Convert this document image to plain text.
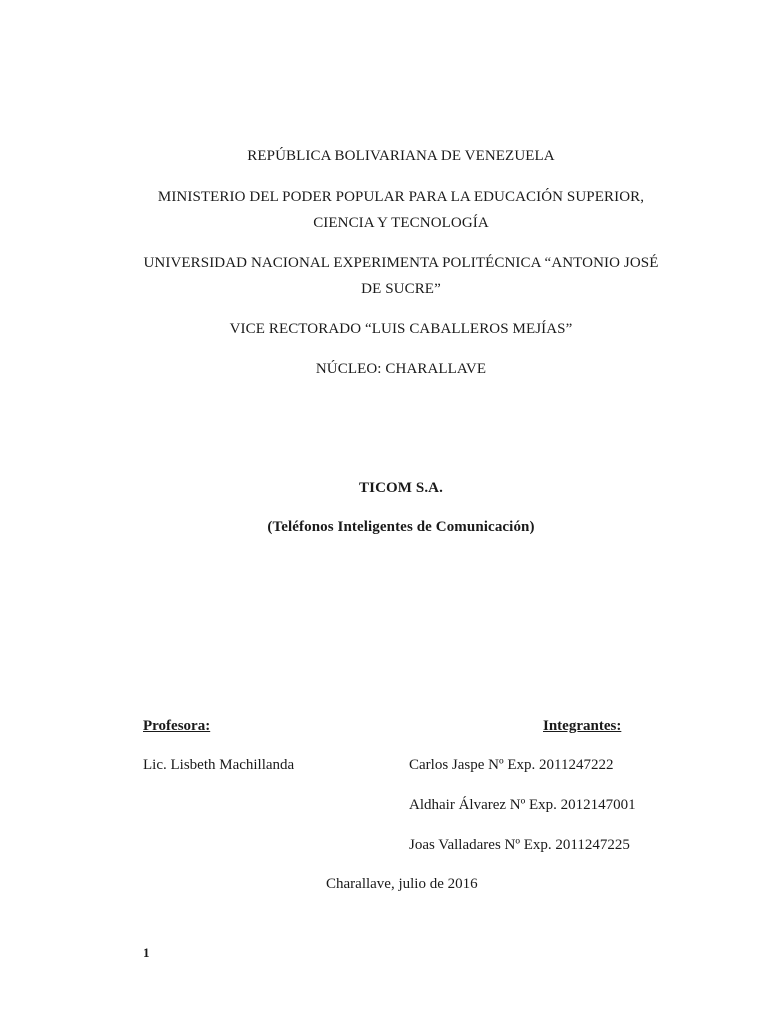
REPÚBLICA BOLIVARIANA DE VENEZUELA
MINISTERIO DEL PODER POPULAR PARA LA EDUCACIÓN SUPERIOR,
CIENCIA Y TECNOLOGÍA
UNIVERSIDAD NACIONAL EXPERIMENTA POLITÉCNICA “ANTONIO JOSÉ
DE SUCRE”
VICE RECTORADO “LUIS CABALLEROS MEJÍAS”
NÚCLEO: CHARALLAVE
TICOM S.A.
(Teléfonos Inteligentes de Comunicación)
Profesora:	Integrantes:
Lic. Lisbeth Machillanda	Carlos Jaspe Nº Exp. 2011247222
Aldhair Álvarez Nº Exp. 2012147001
Joas Valladares Nº Exp. 2011247225
Charallave, julio de 2016
1
